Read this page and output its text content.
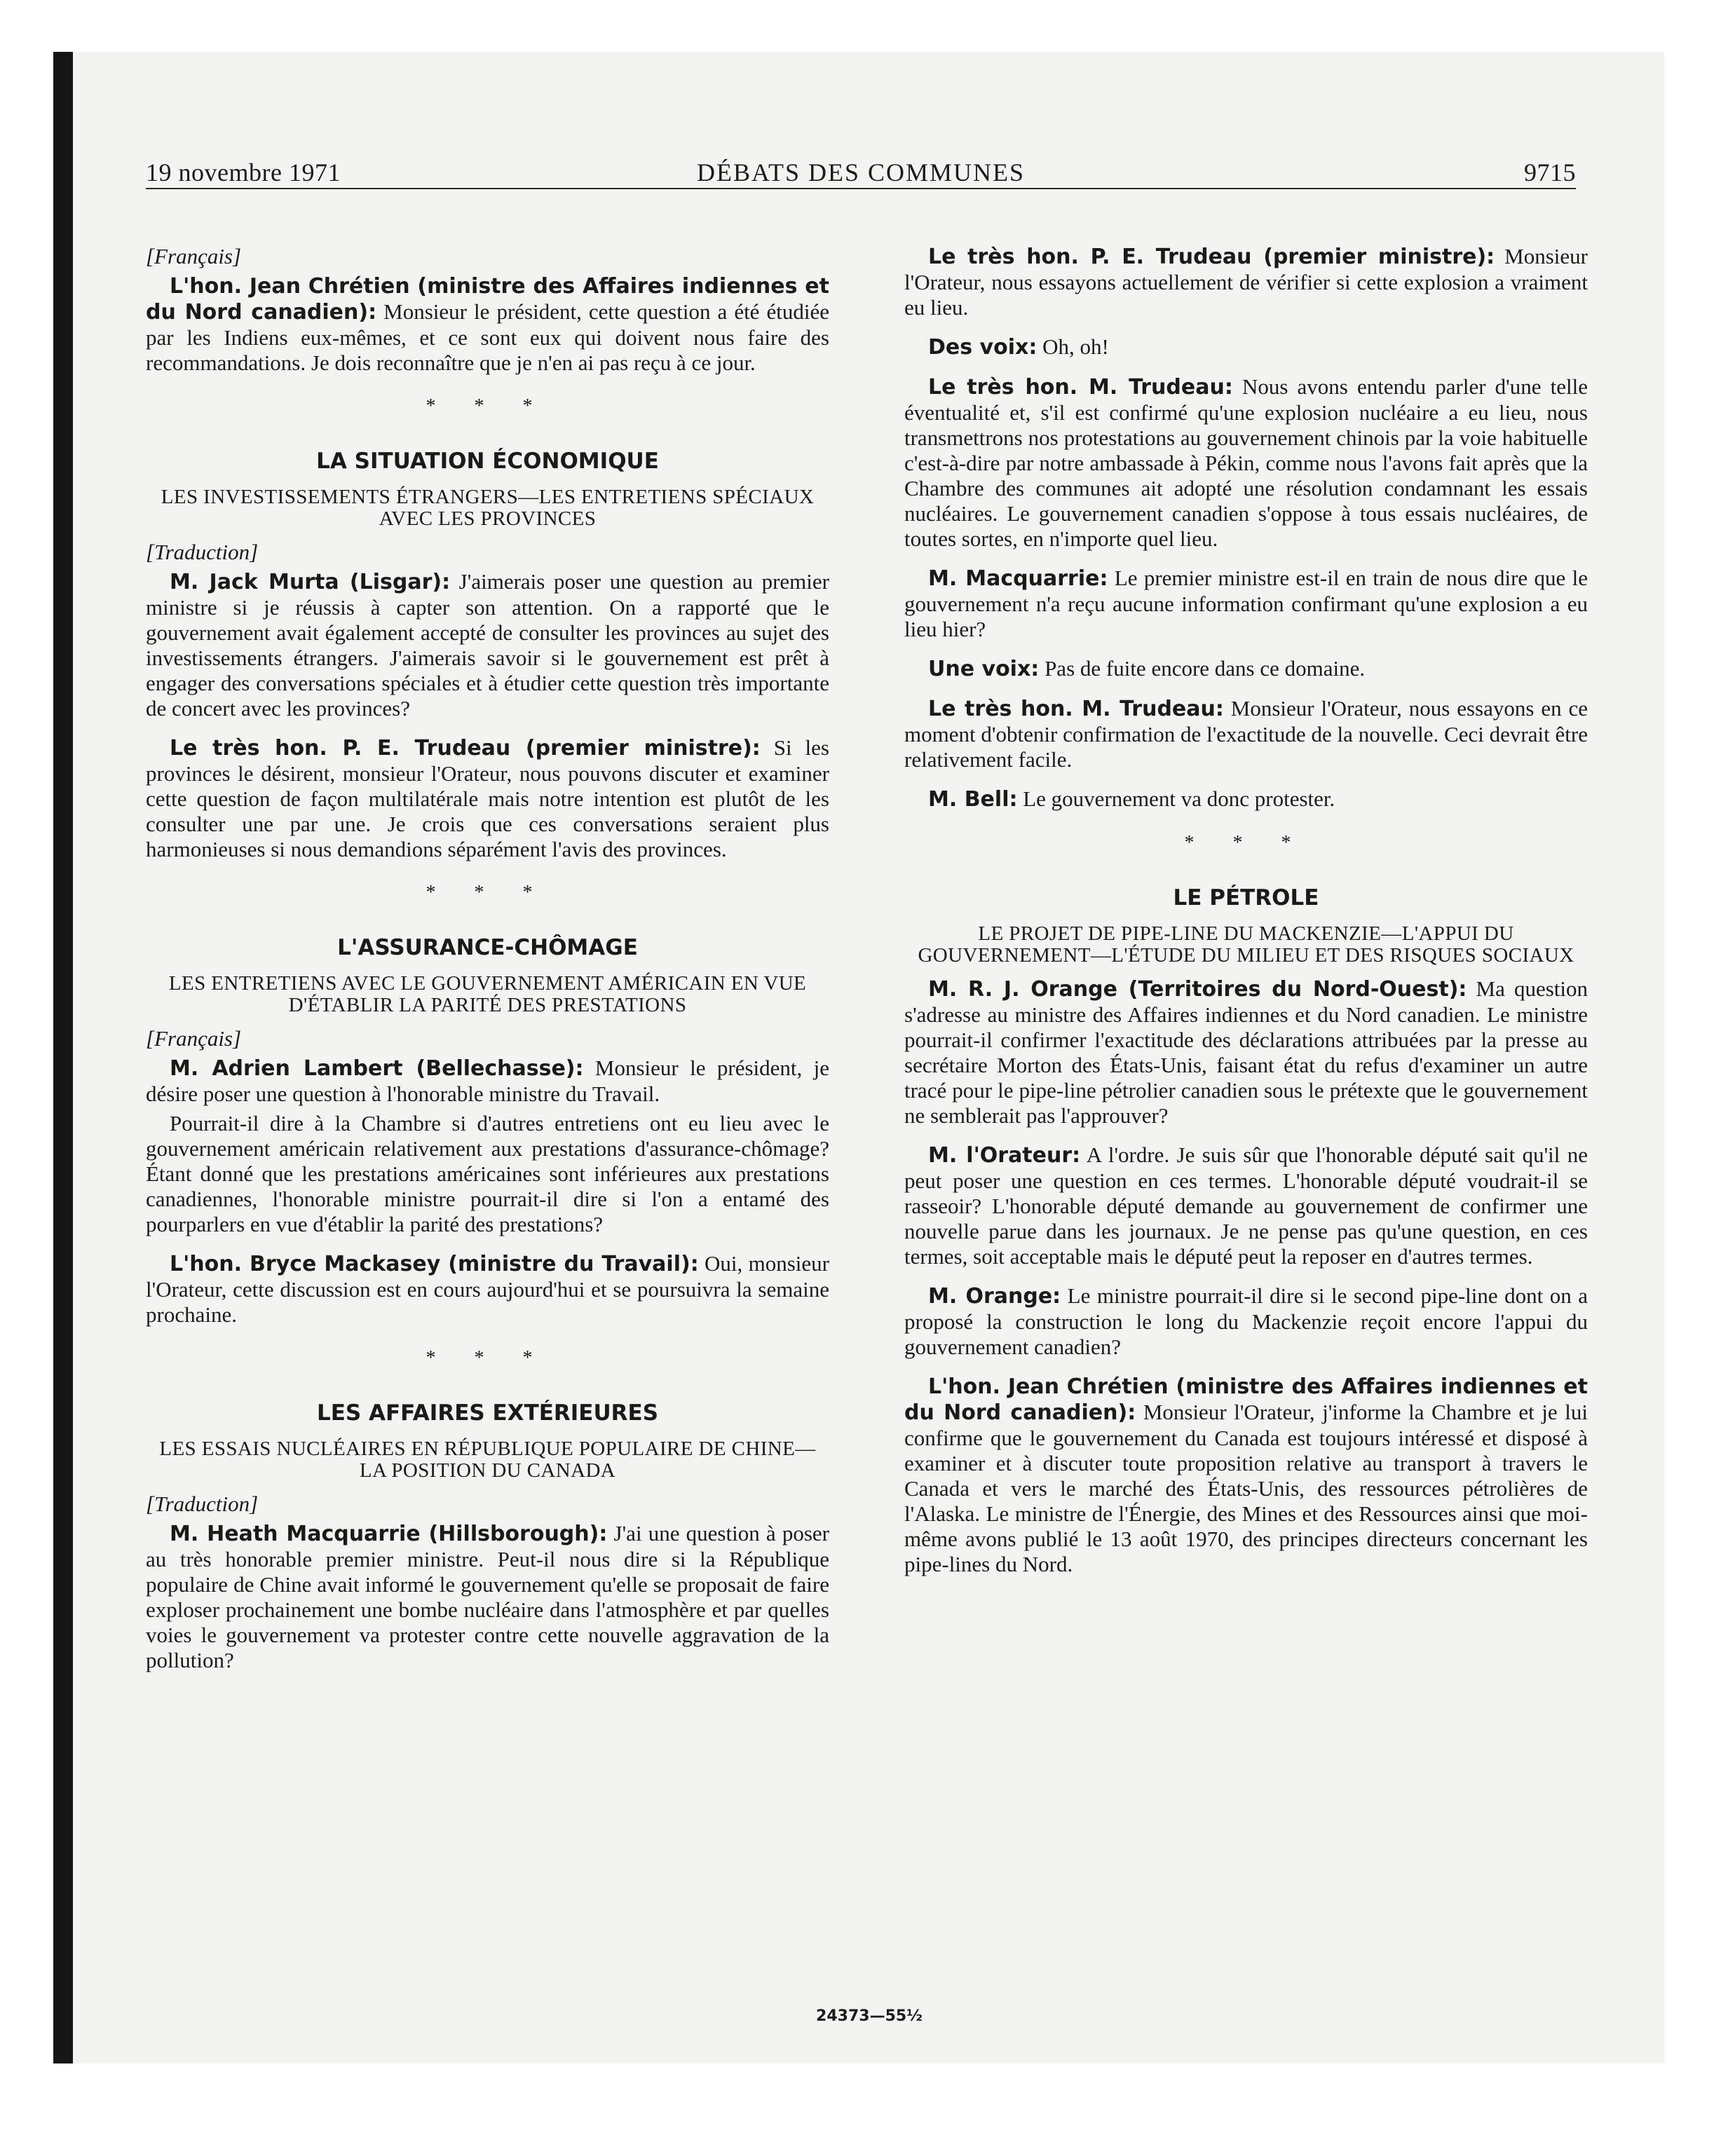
19 novembre 1971	DÉBATS DES COMMUNES	9715

[Français]

L'hon. Jean Chrétien (ministre des Affaires indiennes et du Nord canadien): Monsieur le président, cette question a été étudiée par les Indiens eux-mêmes, et ce sont eux qui doivent nous faire des recommandations. Je dois reconnaître que je n'en ai pas reçu à ce jour.

* * *
LA SITUATION ÉCONOMIQUE
LES INVESTISSEMENTS ÉTRANGERS—LES ENTRETIENS SPÉCIAUX AVEC LES PROVINCES

[Traduction]

M. Jack Murta (Lisgar): J'aimerais poser une question au premier ministre si je réussis à capter son attention. On a rapporté que le gouvernement avait également accepté de consulter les provinces au sujet des investissements étrangers. J'aimerais savoir si le gouvernement est prêt à engager des conversations spéciales et à étudier cette question très importante de concert avec les provinces?

Le très hon. P. E. Trudeau (premier ministre): Si les provinces le désirent, monsieur l'Orateur, nous pouvons discuter et examiner cette question de façon multilatérale mais notre intention est plutôt de les consulter une par une. Je crois que ces conversations seraient plus harmonieuses si nous demandions séparément l'avis des provinces.

* * *
L'ASSURANCE-CHÔMAGE
LES ENTRETIENS AVEC LE GOUVERNEMENT AMÉRICAIN EN VUE D'ÉTABLIR LA PARITÉ DES PRESTATIONS

[Français]

M. Adrien Lambert (Bellechasse): Monsieur le président, je désire poser une question à l'honorable ministre du Travail.

Pourrait-il dire à la Chambre si d'autres entretiens ont eu lieu avec le gouvernement américain relativement aux prestations d'assurance-chômage? Étant donné que les prestations américaines sont inférieures aux prestations canadiennes, l'honorable ministre pourrait-il dire si l'on a entamé des pourparlers en vue d'établir la parité des prestations?

L'hon. Bryce Mackasey (ministre du Travail): Oui, monsieur l'Orateur, cette discussion est en cours aujourd'hui et se poursuivra la semaine prochaine.

* * *
LES AFFAIRES EXTÉRIEURES
LES ESSAIS NUCLÉAIRES EN RÉPUBLIQUE POPULAIRE DE CHINE—LA POSITION DU CANADA

[Traduction]

M. Heath Macquarrie (Hillsborough): J'ai une question à poser au très honorable premier ministre. Peut-il nous dire si la République populaire de Chine avait informé le gouvernement qu'elle se proposait de faire exploser prochainement une bombe nucléaire dans l'atmosphère et par quelles voies le gouvernement va protester contre cette nouvelle aggravation de la pollution?

Le très hon. P. E. Trudeau (premier ministre): Monsieur l'Orateur, nous essayons actuellement de vérifier si cette explosion a vraiment eu lieu.

Des voix: Oh, oh!

Le très hon. M. Trudeau: Nous avons entendu parler d'une telle éventualité et, s'il est confirmé qu'une explosion nucléaire a eu lieu, nous transmettrons nos protestations au gouvernement chinois par la voie habituelle c'est-à-dire par notre ambassade à Pékin, comme nous l'avons fait après que la Chambre des communes ait adopté une résolution condamnant les essais nucléaires. Le gouvernement canadien s'oppose à tous essais nucléaires, de toutes sortes, en n'importe quel lieu.

M. Macquarrie: Le premier ministre est-il en train de nous dire que le gouvernement n'a reçu aucune information confirmant qu'une explosion a eu lieu hier?

Une voix: Pas de fuite encore dans ce domaine.

Le très hon. M. Trudeau: Monsieur l'Orateur, nous essayons en ce moment d'obtenir confirmation de l'exactitude de la nouvelle. Ceci devrait être relativement facile.

M. Bell: Le gouvernement va donc protester.

* * *
LE PÉTROLE
LE PROJET DE PIPE-LINE DU MACKENZIE—L'APPUI DU GOUVERNEMENT—L'ÉTUDE DU MILIEU ET DES RISQUES SOCIAUX

M. R. J. Orange (Territoires du Nord-Ouest): Ma question s'adresse au ministre des Affaires indiennes et du Nord canadien. Le ministre pourrait-il confirmer l'exactitude des déclarations attribuées par la presse au secrétaire Morton des États-Unis, faisant état du refus d'examiner un autre tracé pour le pipe-line pétrolier canadien sous le prétexte que le gouvernement ne semblerait pas l'approuver?

M. l'Orateur: A l'ordre. Je suis sûr que l'honorable député sait qu'il ne peut poser une question en ces termes. L'honorable député voudrait-il se rasseoir? L'honorable député demande au gouvernement de confirmer une nouvelle parue dans les journaux. Je ne pense pas qu'une question, en ces termes, soit acceptable mais le député peut la reposer en d'autres termes.

M. Orange: Le ministre pourrait-il dire si le second pipe-line dont on a proposé la construction le long du Mackenzie reçoit encore l'appui du gouvernement canadien?

L'hon. Jean Chrétien (ministre des Affaires indiennes et du Nord canadien): Monsieur l'Orateur, j'informe la Chambre et je lui confirme que le gouvernement du Canada est toujours intéressé et disposé à examiner et à discuter toute proposition relative au transport à travers le Canada et vers le marché des États-Unis, des ressources pétrolières de l'Alaska. Le ministre de l'Énergie, des Mines et des Ressources ainsi que moi-même avons publié le 13 août 1970, des principes directeurs concernant les pipe-lines du Nord.

24373—55½
